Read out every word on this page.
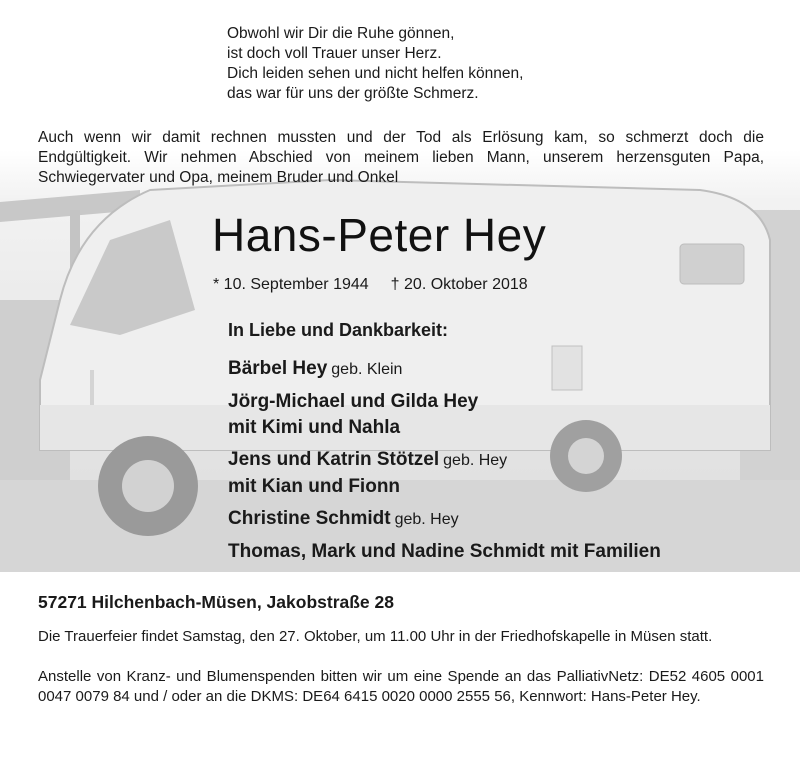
Obwohl wir Dir die Ruhe gönnen,
ist doch voll Trauer unser Herz.
Dich leiden sehen und nicht helfen können,
das war für uns der größte Schmerz.

Auch wenn wir damit rechnen mussten und der Tod als Erlösung kam, so schmerzt doch die Endgültigkeit. Wir nehmen Abschied von meinem lieben Mann, unserem herzensguten Papa, Schwiegervater und Opa, meinem Bruder und Onkel

Hans-Peter Hey
* 10. September 1944 † 20. Oktober 2018
In Liebe und Dankbarkeit:
Bärbel Hey geb. Klein
Jörg-Michael und Gilda Hey
mit Kimi und Nahla
Jens und Katrin Stötzel geb. Hey
mit Kian und Fionn
Christine Schmidt geb. Hey
Thomas, Mark und Nadine Schmidt mit Familien
57271 Hilchenbach-Müsen, Jakobstraße 28

Die Trauerfeier findet Samstag, den 27. Oktober, um 11.00 Uhr in der Friedhofskapelle in Müsen statt.

Anstelle von Kranz- und Blumenspenden bitten wir um eine Spende an das PalliativNetz: DE52 4605 0001 0047 0079 84 und / oder an die DKMS: DE64 6415 0020 0000 2555 56, Kennwort: Hans-Peter Hey.
